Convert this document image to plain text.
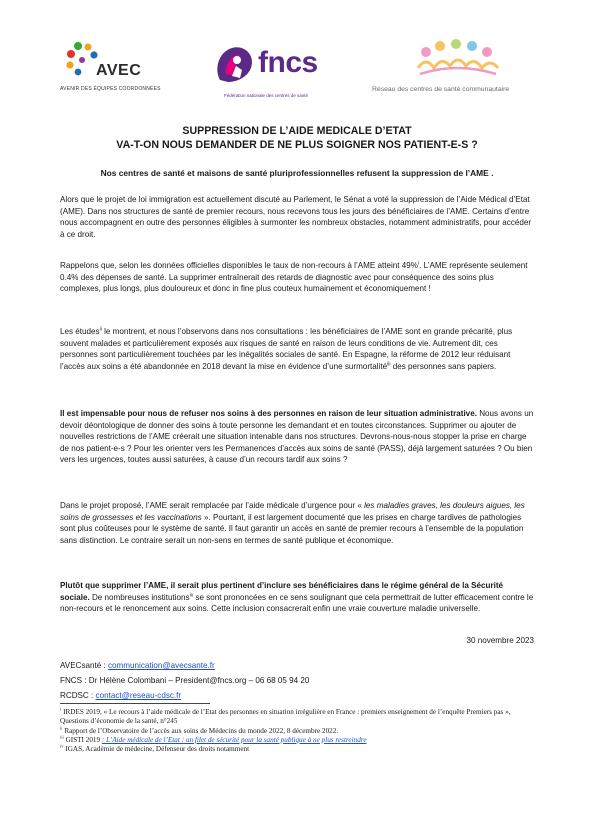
AVEC
AVENIR DES ÉQUIPES COORDONNÉES
fncs
Fédération nationale des centres de santé
Réseau des centres de santé communautaire
SUPPRESSION DE L’AIDE MEDICALE D’ETAT
VA-T-ON NOUS DEMANDER DE NE PLUS SOIGNER NOS PATIENT-E-S ?
Nos centres de santé et maisons de santé pluriprofessionnelles refusent la suppression de l’AME .

Alors que le projet de loi immigration est actuellement discuté au Parlement, le Sénat a voté la suppression de l’Aide Médical d’Etat (AME). Dans nos structures de santé de premier recours, nous recevons tous les jours des bénéficiaires de l’AME. Certains d’entre nous accompagnent en outre des personnes éligibles à surmonter les nombreux obstacles, notamment administratifs, pour accéder à ce droit.

Rappelons que, selon les données officielles disponibles le taux de non-recours à l’AME atteint 49%$^i$. L’AME représente seulement 0.4% des dépenses de santé. La supprimer entraînerait des retards de diagnostic avec pour conséquence des soins plus complexes, plus longs, plus douloureux et donc in fine plus couteux humainement et économiquement !

Les études$^{ii}$ le montrent, et nous l’observons dans nos consultations : les bénéficiaires de l’AME sont en grande précarité, plus souvent malades et particulièrement exposés aux risques de santé en raison de leurs conditions de vie. Autrement dit, ces personnes sont particulièrement touchées par les inégalités sociales de santé. En Espagne, la réforme de 2012 leur réduisant l’accès aux soins a été abandonnée en 2018 devant la mise en évidence d’une surmortalité$^{iii}$ des personnes sans papiers.

Il est impensable pour nous de refuser nos soins à des personnes en raison de leur situation administrative. Nous avons un devoir déontologique de donner des soins à toute personne les demandant et en toutes circonstances. Supprimer ou ajouter de nouvelles restrictions de l’AME créerait une situation intenable dans nos structures. Devrons-nous-nous stopper la prise en charge de nos patient-e-s ? Pour les orienter vers les Permanences d’accès aux soins de santé (PASS), déjà largement saturées ? Ou bien vers les urgences, toutes aussi saturées, à cause d’un recours tardif aux soins ?

Dans le projet proposé, l’AME serait remplacée par l’aide médicale d’urgence pour « les maladies graves, les douleurs aigues, les soins de grossesses et les vaccinations ». Pourtant, il est largement documenté que les prises en charge tardives de pathologies sont plus coûteuses pour le système de santé. Il faut garantir un accès en santé de premier recours à l’ensemble de la population sans distinction. Le contraire serait un non-sens en termes de santé publique et économique.

Plutôt que supprimer l’AME, il serait plus pertinent d’inclure ses bénéficiaires dans le régime général de la Sécurité sociale. De nombreuses institutions$^{iv}$ se sont prononcées en ce sens soulignant que cela permettrait de lutter efficacement contre le non-recours et le renoncement aux soins. Cette inclusion consacrerait enfin une vraie couverture maladie universelle.

30 novembre 2023
AVECsanté : communication@avecsante.fr
FNCS : Dr Hélène Colombani – President@fncs.org – 06 68 05 94 20
RCDSC : contact@reseau-cdsc.fr
$^i$ IRDES 2019, « Le recours à l’aide médicale de l’Etat des personnes en situation irrégulière en France : premiers enseignement de l’enquête Premiers pas », Questions d’économie de la santé, n°245
$^{ii}$ Rapport de l’Observatoire de l’accès aux soins de Médecins du monde 2022, 8 décembre 2022.
$^{iii}$ GISTI 2019 : L’Aide médicale de l’Etat : un filet de sécurité pour la santé publique à ne plus restreindre
$^{iv}$ IGAS, Académie de médecine, Défenseur des droits notamment
